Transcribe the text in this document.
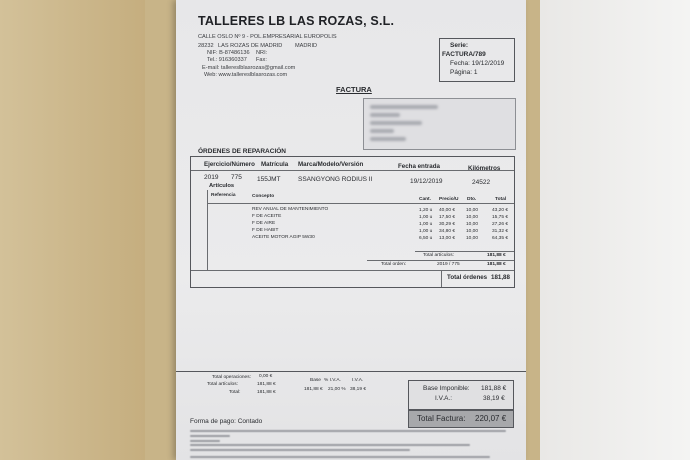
TALLERES LB LAS ROZAS, S.L.
CALLE OSLO Nº 9 - POL.EMPRESARIAL EUROPOLIS
28232 LAS ROZAS DE MADRID MADRID
NIF: B-87486136 NRI:
Tel.: 916360337 Fax:
E-mail: tallereslblasrozas@gmail.com
Web: www.tallereslblasrozas.com
Serie:
FACTURA/789
Fecha: 19/12/2019
Página: 1
FACTURA
ÓRDENES DE REPARACIÓN
Ejercicio/Número Matrícula Marca/Modelo/Versión	Fecha entrada	Kilómetros
2019 775 155JMT	SSANGYONG RODIUS II	19/12/2019	24522
Artículos
Referencia	Concepto
Cant. Precio/U Dto.	Total
REV ANUAL DE MANTENIMIENTO	1,20 u 40,00 € 10,00	43,20 €
F DE ACEITE	1,00 u 17,50 € 10,00	15,75 €
F DE AIRE	1,00 u 30,29 € 10,00	27,26 €
F DE HABIT	1,00 u 34,80 € 10,00	31,32 €
ACEITE MOTOR AGIP 5W30	6,50 u 13,00 € 10,00	64,35 €
Total artículos:	181,88 €
Total orden:	2019 / 775	181,88 €
Total órdenes 181,88
Total operaciones: 0,00 €
Total artículos:	181,88 €
Total:	181,88 €
Base % I.V.A. I.V.A.
181,88 € 21,00 % 38,19 €	Base Imponible: 181,88 €
I.V.A.:	38,19 €
Total Factura: 220,07 €
Forma de pago: Contado
